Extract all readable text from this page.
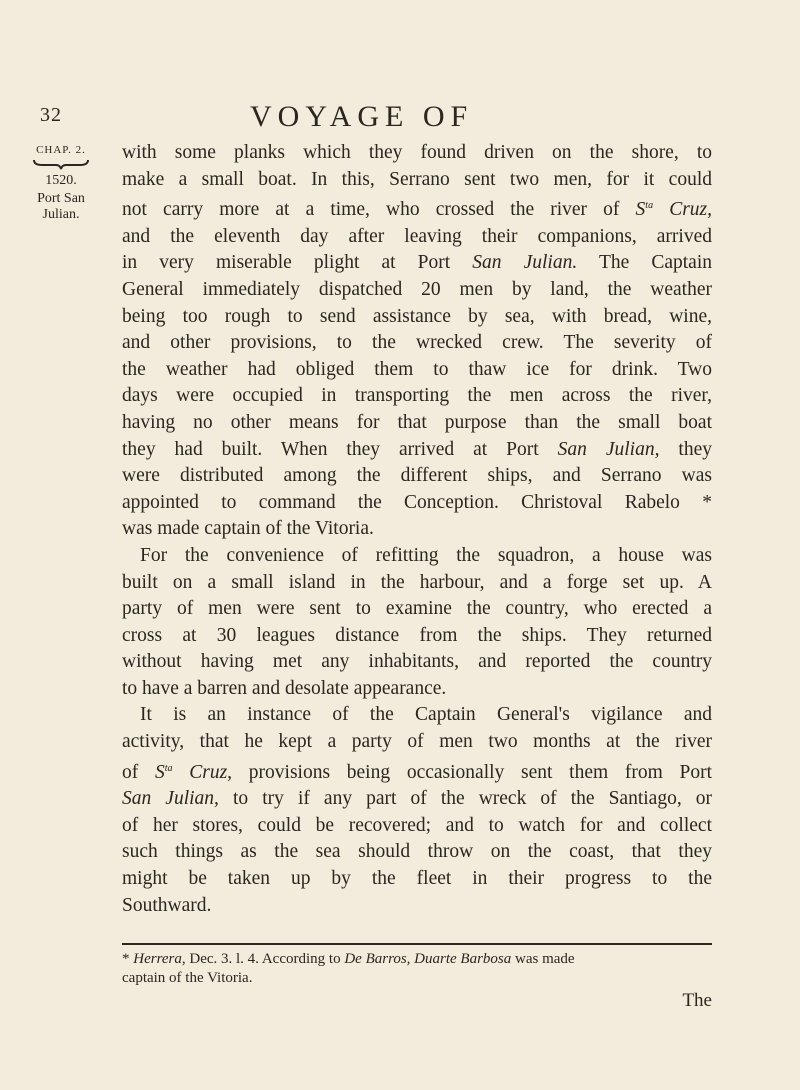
32	VOYAGE OF
CHAP. 2.
1520.
Port San
Julian.
with some planks which they found driven on the shore, to
make a small boat. In this, Serrano sent two men, for it could
not carry more at a time, who crossed the river of $S^{ta}$ Cruz,
and the eleventh day after leaving their companions, arrived
in very miserable plight at Port San Julian. The Captain
General immediately dispatched 20 men by land, the weather
being too rough to send assistance by sea, with bread, wine,
and other provisions, to the wrecked crew. The severity of
the weather had obliged them to thaw ice for drink. Two
days were occupied in transporting the men across the river,
having no other means for that purpose than the small boat
they had built. When they arrived at Port San Julian, they
were distributed among the different ships, and Serrano was
appointed to command the Conception. Christoval Rabelo *
was made captain of the Vitoria.
For the convenience of refitting the squadron, a house was
built on a small island in the harbour, and a forge set up. A
party of men were sent to examine the country, who erected a
cross at 30 leagues distance from the ships. They returned
without having met any inhabitants, and reported the country
to have a barren and desolate appearance.
It is an instance of the Captain General's vigilance and
activity, that he kept a party of men two months at the river
of $S^{ta}$ Cruz, provisions being occasionally sent them from Port
San Julian, to try if any part of the wreck of the Santiago, or
of her stores, could be recovered; and to watch for and collect
such things as the sea should throw on the coast, that they
might be taken up by the fleet in their progress to the
Southward.
* Herrera, Dec. 3. l. 4. According to De Barros, Duarte Barbosa was made
captain of the Vitoria.
The
